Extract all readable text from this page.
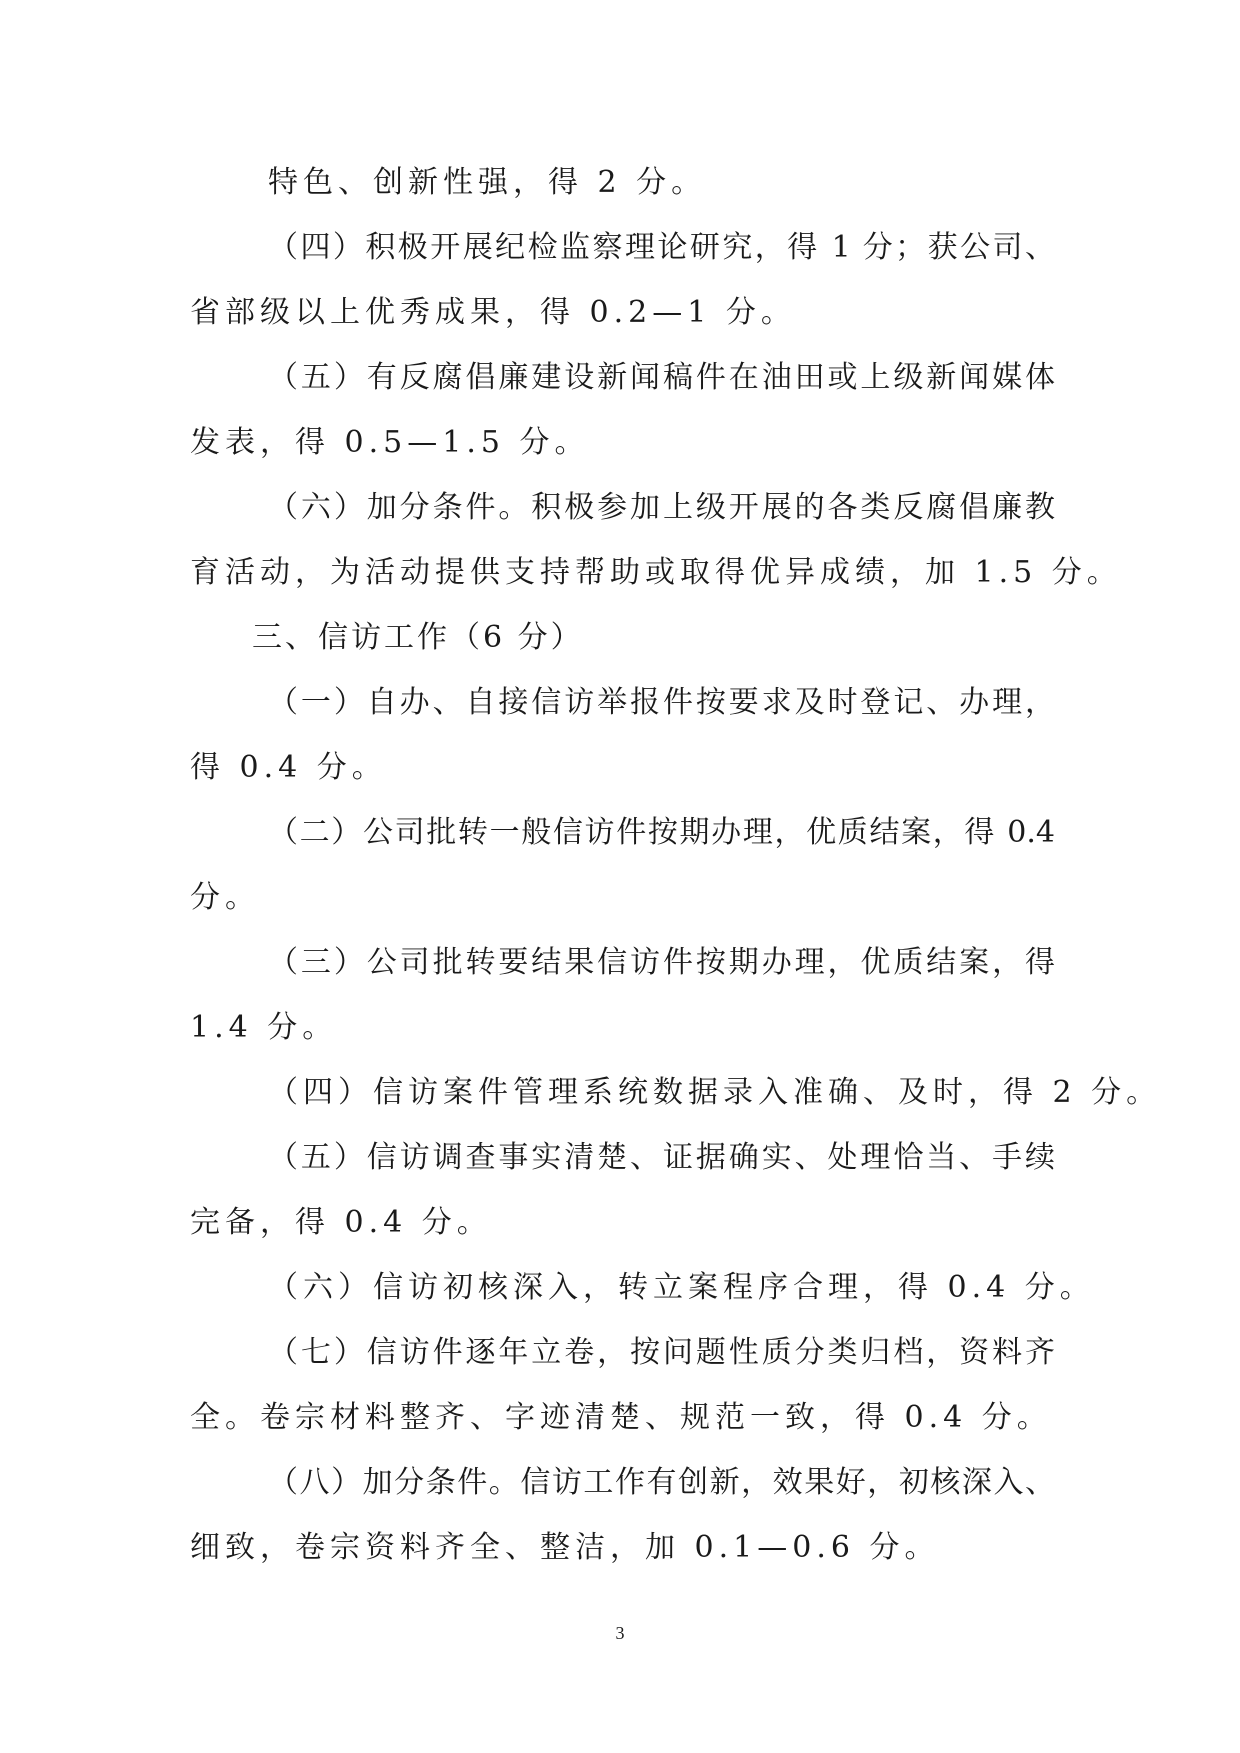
特色、创新性强，得 2 分。
（四）积极开展纪检监察理论研究，得 1 分；获公司、
省部级以上优秀成果，得 0.2—1 分。
（五）有反腐倡廉建设新闻稿件在油田或上级新闻媒体
发表，得 0.5—1.5 分。
（六）加分条件。积极参加上级开展的各类反腐倡廉教
育活动，为活动提供支持帮助或取得优异成绩，加 1.5 分。
三、信访工作（6 分）
（一）自办、自接信访举报件按要求及时登记、办理，
得 0.4 分。
（二）公司批转一般信访件按期办理，优质结案，得 0.4
分。
（三）公司批转要结果信访件按期办理，优质结案，得
1.4 分。
（四）信访案件管理系统数据录入准确、及时，得 2 分。
（五）信访调查事实清楚、证据确实、处理恰当、手续
完备，得 0.4 分。
（六）信访初核深入，转立案程序合理，得 0.4 分。
（七）信访件逐年立卷，按问题性质分类归档，资料齐
全。卷宗材料整齐、字迹清楚、规范一致，得 0.4 分。
（八）加分条件。信访工作有创新，效果好，初核深入、
细致，卷宗资料齐全、整洁，加 0.1—0.6 分。
3
